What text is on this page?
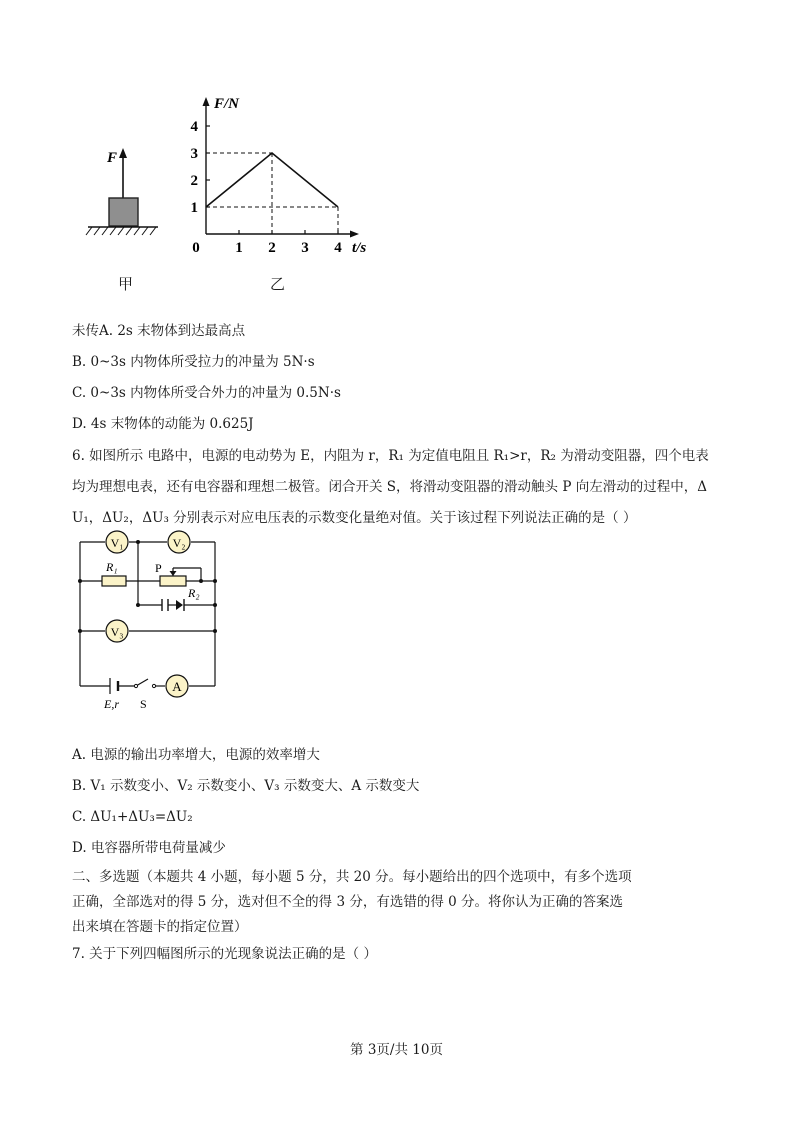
F
F/N
t/s
0 1 2 3 4
1
2
3
4
甲	乙
未传A. 2s 末物体到达最高点
B. 0~3s 内物体所受拉力的冲量为 5N·s
C. 0~3s 内物体所受合外力的冲量为 0.5N·s
D. 4s 末物体的动能为 0.625J
6. 如图所示 电路中，电源的电动势为 E，内阻为 r，R₁ 为定值电阻且 R₁>r，R₂ 为滑动变阻器，四个电表
均为理想电表，还有电容器和理想二极管。闭合开关 S，将滑动变阻器的滑动触头 P 向左滑动的过程中，Δ
U₁，ΔU₂，ΔU₃ 分别表示对应电压表的示数变化量绝对值。关于该过程下列说法正确的是（ ）
V₁	V₂
V₃
A
R₁	P
R₂
E,r S
A. 电源的输出功率增大，电源的效率增大
B. V₁ 示数变小、V₂ 示数变小、V₃ 示数变大、A 示数变大
C. ΔU₁+ΔU₃=ΔU₂
D. 电容器所带电荷量减少
二、多选题（本题共 4 小题，每小题 5 分，共 20 分。每小题给出的四个选项中，有多个选项
正确，全部选对的得 5 分，选对但不全的得 3 分，有选错的得 0 分。将你认为正确的答案选
出来填在答题卡的指定位置）
7. 关于下列四幅图所示的光现象说法正确的是（ ）
第 3页/共 10页
